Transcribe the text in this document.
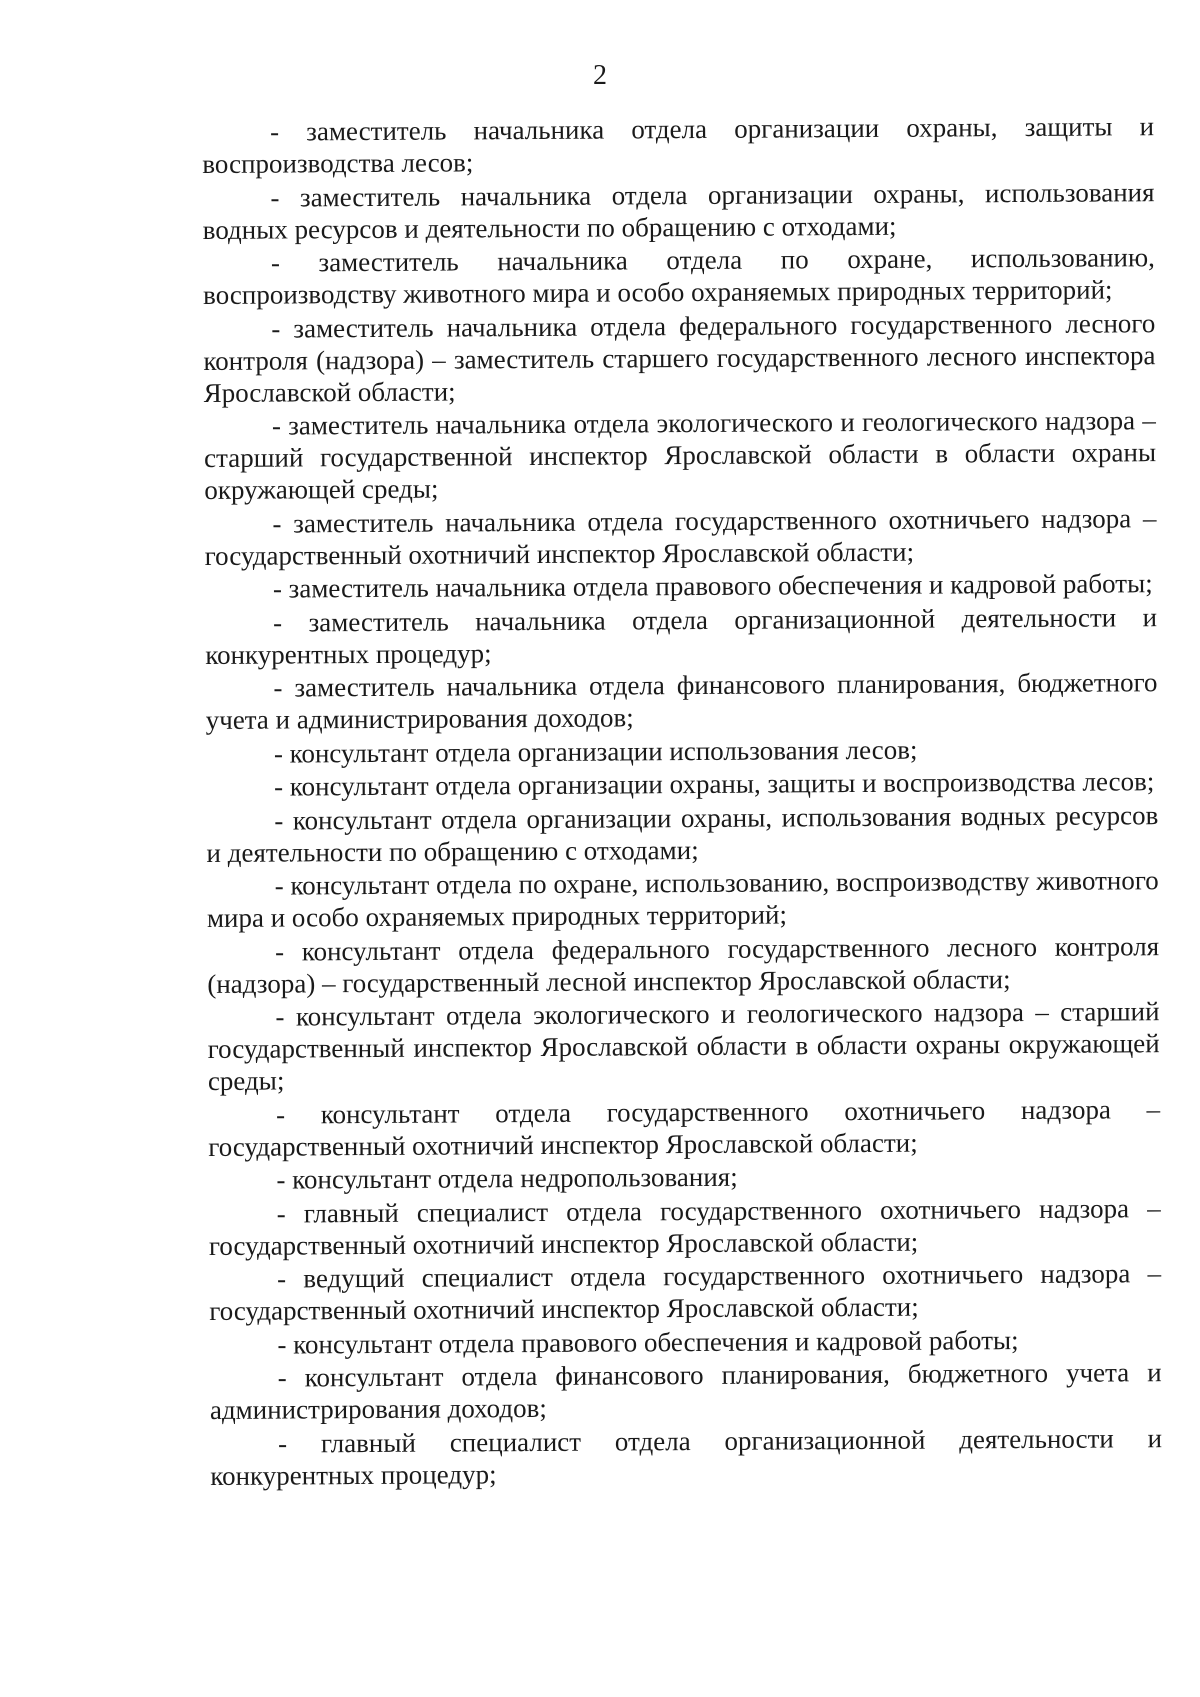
2

- заместитель начальника отдела организации охраны, защиты и воспроизводства лесов;

- заместитель начальника отдела организации охраны, использования водных ресурсов и деятельности по обращению с отходами;

- заместитель начальника отдела по охране, использованию, воспроизводству животного мира и особо охраняемых природных территорий;

- заместитель начальника отдела федерального государственного лесного контроля (надзора) – заместитель старшего государственного лесного инспектора Ярославской области;

- заместитель начальника отдела экологического и геологического надзора – старший государственной инспектор Ярославской области в области охраны окружающей среды;

- заместитель начальника отдела государственного охотничьего надзора – государственный охотничий инспектор Ярославской области;

- заместитель начальника отдела правового обеспечения и кадровой работы;

- заместитель начальника отдела организационной деятельности и конкурентных процедур;

- заместитель начальника отдела финансового планирования, бюджетного учета и администрирования доходов;

- консультант отдела организации использования лесов;

- консультант отдела организации охраны, защиты и воспроизводства лесов;

- консультант отдела организации охраны, использования водных ресурсов и деятельности по обращению с отходами;

- консультант отдела по охране, использованию, воспроизводству животного мира и особо охраняемых природных территорий;

- консультант отдела федерального государственного лесного контроля (надзора) – государственный лесной инспектор Ярославской области;

- консультант отдела экологического и геологического надзора – старший государственный инспектор Ярославской области в области охраны окружающей среды;

- консультант отдела государственного охотничьего надзора – государственный охотничий инспектор Ярославской области;

- консультант отдела недропользования;

- главный специалист отдела государственного охотничьего надзора – государственный охотничий инспектор Ярославской области;

- ведущий специалист отдела государственного охотничьего надзора – государственный охотничий инспектор Ярославской области;

- консультант отдела правового обеспечения и кадровой работы;

- консультант отдела финансового планирования, бюджетного учета и администрирования доходов;

- главный специалист отдела организационной деятельности и конкурентных процедур;
